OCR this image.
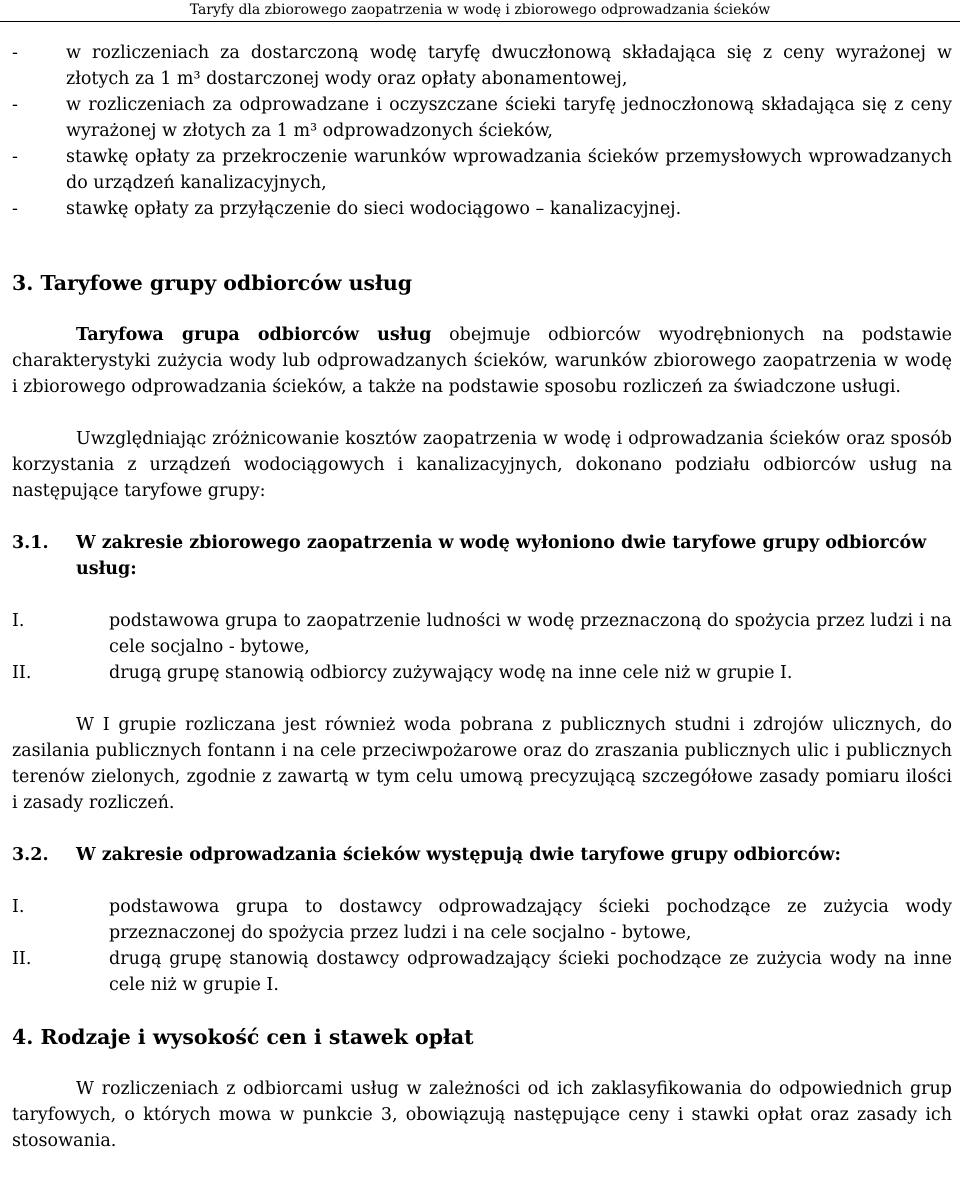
Taryfy dla zbiorowego zaopatrzenia w wodę i zbiorowego odprowadzania ścieków
-	w rozliczeniach za dostarczoną wodę taryfę dwuczłonową składająca się z ceny wyrażonej w złotych za 1 m³ dostarczonej wody oraz opłaty abonamentowej,
-	w rozliczeniach za odprowadzane i oczyszczane ścieki taryfę jednoczłonową składająca się z ceny wyrażonej w złotych za 1 m³ odprowadzonych ścieków,
-	stawkę opłaty za przekroczenie warunków wprowadzania ścieków przemysłowych wprowadzanych do urządzeń kanalizacyjnych,
-	stawkę opłaty za przyłączenie do sieci wodociągowo – kanalizacyjnej.
3. Taryfowe grupy odbiorców usług

Taryfowa grupa odbiorców usług obejmuje odbiorców wyodrębnionych na podstawie charakterystyki zużycia wody lub odprowadzanych ścieków, warunków zbiorowego zaopatrzenia w wodę i zbiorowego odprowadzania ścieków, a także na podstawie sposobu rozliczeń za świadczone usługi.

Uwzględniając zróżnicowanie kosztów zaopatrzenia w wodę i odprowadzania ścieków oraz sposób korzystania z urządzeń wodociągowych i kanalizacyjnych, dokonano podziału odbiorców usług na następujące taryfowe grupy:

3.1. W zakresie zbiorowego zaopatrzenia w wodę wyłoniono dwie taryfowe grupy odbiorców usług:
I.	podstawowa grupa to zaopatrzenie ludności w wodę przeznaczoną do spożycia przez ludzi i na cele socjalno - bytowe,
II.	drugą grupę stanowią odbiorcy zużywający wodę na inne cele niż w grupie I.

W I grupie rozliczana jest również woda pobrana z publicznych studni i zdrojów ulicznych, do zasilania publicznych fontann i na cele przeciwpożarowe oraz do zraszania publicznych ulic i publicznych terenów zielonych, zgodnie z zawartą w tym celu umową precyzującą szczegółowe zasady pomiaru ilości i zasady rozliczeń.

3.2. W zakresie odprowadzania ścieków występują dwie taryfowe grupy odbiorców:
I.	podstawowa grupa to dostawcy odprowadzający ścieki pochodzące ze zużycia wody przeznaczonej do spożycia przez ludzi i na cele socjalno - bytowe,
II.	drugą grupę stanowią dostawcy odprowadzający ścieki pochodzące ze zużycia wody na inne cele niż w grupie I.
4. Rodzaje i wysokość cen i stawek opłat

W rozliczeniach z odbiorcami usług w zależności od ich zaklasyfikowania do odpowiednich grup taryfowych, o których mowa w punkcie 3, obowiązują następujące ceny i stawki opłat oraz zasady ich stosowania.
